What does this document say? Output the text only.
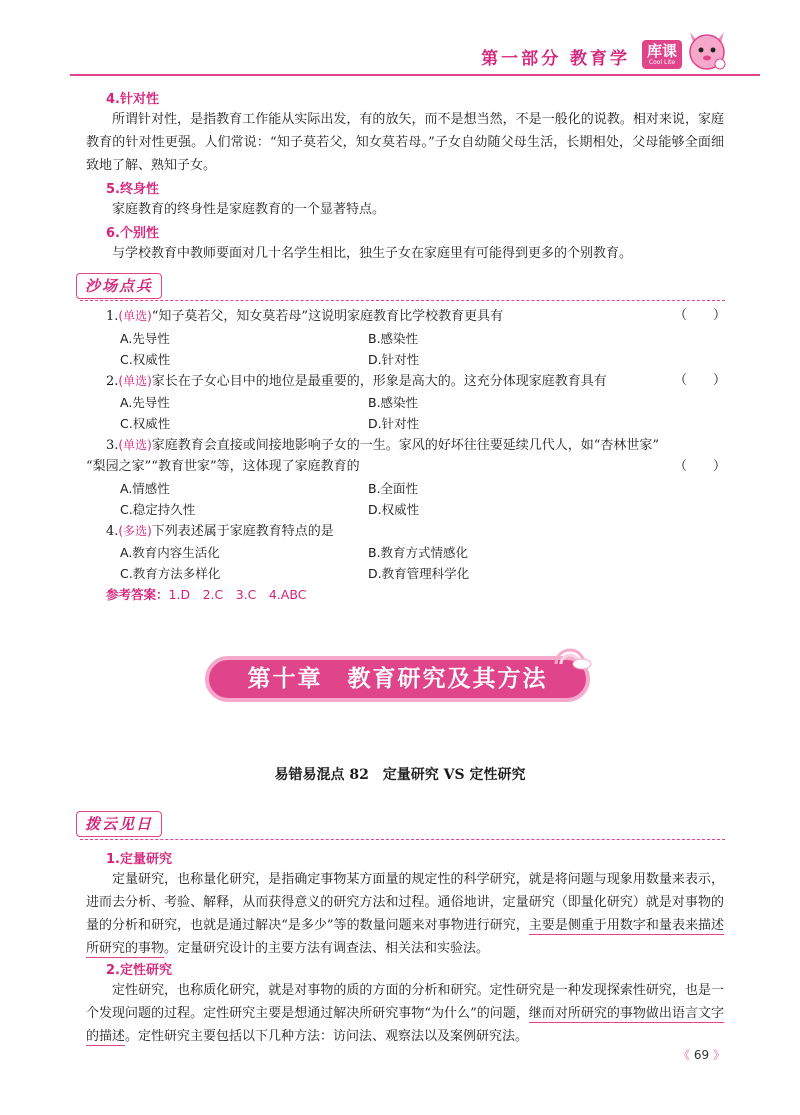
第一部分 教育学	库课
Cool Lite
4.针对性
所谓针对性，是指教育工作能从实际出发，有的放矢，而不是想当然，不是一般化的说教。相对来说，家庭教育的针对性更强。人们常说：“知子莫若父，知女莫若母。”子女自幼随父母生活，长期相处，父母能够全面细致地了解、熟知子女。
5.终身性
家庭教育的终身性是家庭教育的一个显著特点。
6.个别性
与学校教育中教师要面对几十名学生相比，独生子女在家庭里有可能得到更多的个别教育。
沙场点兵
1.(单选)“知子莫若父，知女莫若母”这说明家庭教育比学校教育更具有	（　　）
A.先导性	B.感染性
C.权威性	D.针对性
2.(单选)家长在子女心目中的地位是最重要的，形象是高大的。这充分体现家庭教育具有	（　　）
A.先导性	B.感染性
C.权威性	D.针对性
3.(单选)家庭教育会直接或间接地影响子女的一生。家风的好坏往往要延续几代人，如“杏林世家”
“梨园之家”“教育世家”等，这体现了家庭教育的	（　　）
A.情感性	B.全面性
C.稳定持久性	D.权威性
4.(多选)下列表述属于家庭教育特点的是
A.教育内容生活化	B.教育方式情感化
C.教育方法多样化	D.教育管理科学化
参考答案：1.D　2.C　3.C　4.ABC
第十章　教育研究及其方法
易错易混点 82　定量研究 VS 定性研究
拨云见日
1.定量研究
定量研究，也称量化研究，是指确定事物某方面量的规定性的科学研究，就是将问题与现象用数量来表示，进而去分析、考验、解释，从而获得意义的研究方法和过程。通俗地讲，定量研究（即量化研究）就是对事物的量的分析和研究，也就是通过解决“是多少”等的数量问题来对事物进行研究，主要是侧重于用数字和量表来描述所研究的事物。定量研究设计的主要方法有调查法、相关法和实验法。
2.定性研究
定性研究，也称质化研究，就是对事物的质的方面的分析和研究。定性研究是一种发现探索性研究，也是一个发现问题的过程。定性研究主要是想通过解决所研究事物“为什么”的问题，继而对所研究的事物做出语言文字的描述。定性研究主要包括以下几种方法：访问法、观察法以及案例研究法。
《 69 》
